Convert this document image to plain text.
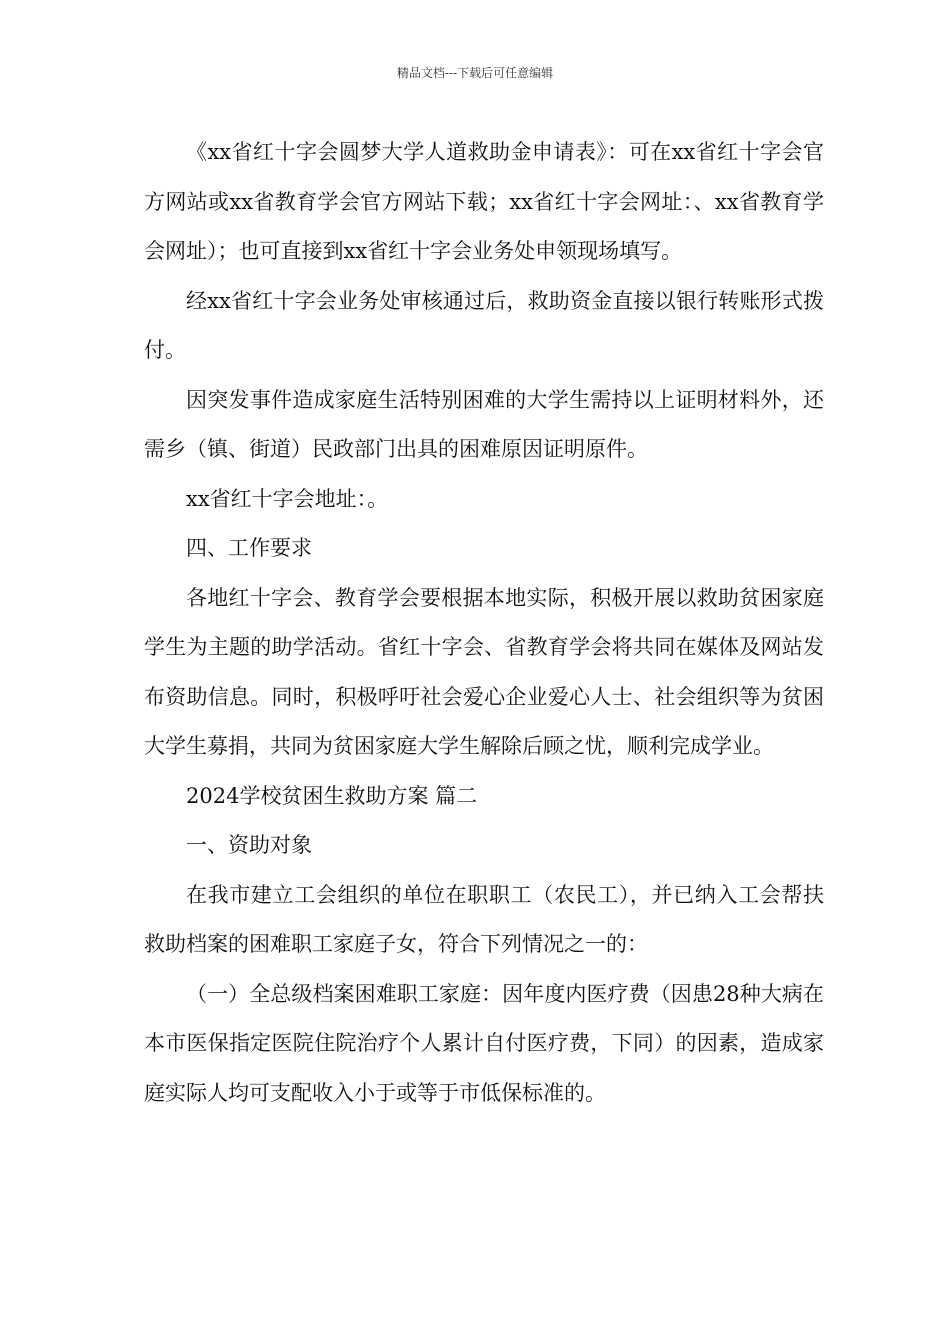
精品文档---下载后可任意编辑

《xx省红十字会圆梦大学人道救助金申请表》：可在xx省红十字会官方网站或xx省教育学会官方网站下载；xx省红十字会网址：、xx省教育学会网址）；也可直接到xx省红十字会业务处申领现场填写。

经xx省红十字会业务处审核通过后，救助资金直接以银行转账形式拨付。

因突发事件造成家庭生活特别困难的大学生需持以上证明材料外，还需乡（镇、街道）民政部门出具的困难原因证明原件。

xx省红十字会地址：。

四、工作要求

各地红十字会、教育学会要根据本地实际，积极开展以救助贫困家庭学生为主题的助学活动。省红十字会、省教育学会将共同在媒体及网站发布资助信息。同时，积极呼吁社会爱心企业爱心人士、社会组织等为贫困大学生募捐，共同为贫困家庭大学生解除后顾之忧，顺利完成学业。

2024学校贫困生救助方案 篇二

一、资助对象

在我市建立工会组织的单位在职职工（农民工），并已纳入工会帮扶救助档案的困难职工家庭子女，符合下列情况之一的：

（一）全总级档案困难职工家庭：因年度内医疗费（因患28种大病在本市医保指定医院住院治疗个人累计自付医疗费，下同）的因素，造成家庭实际人均可支配收入小于或等于市低保标准的。
